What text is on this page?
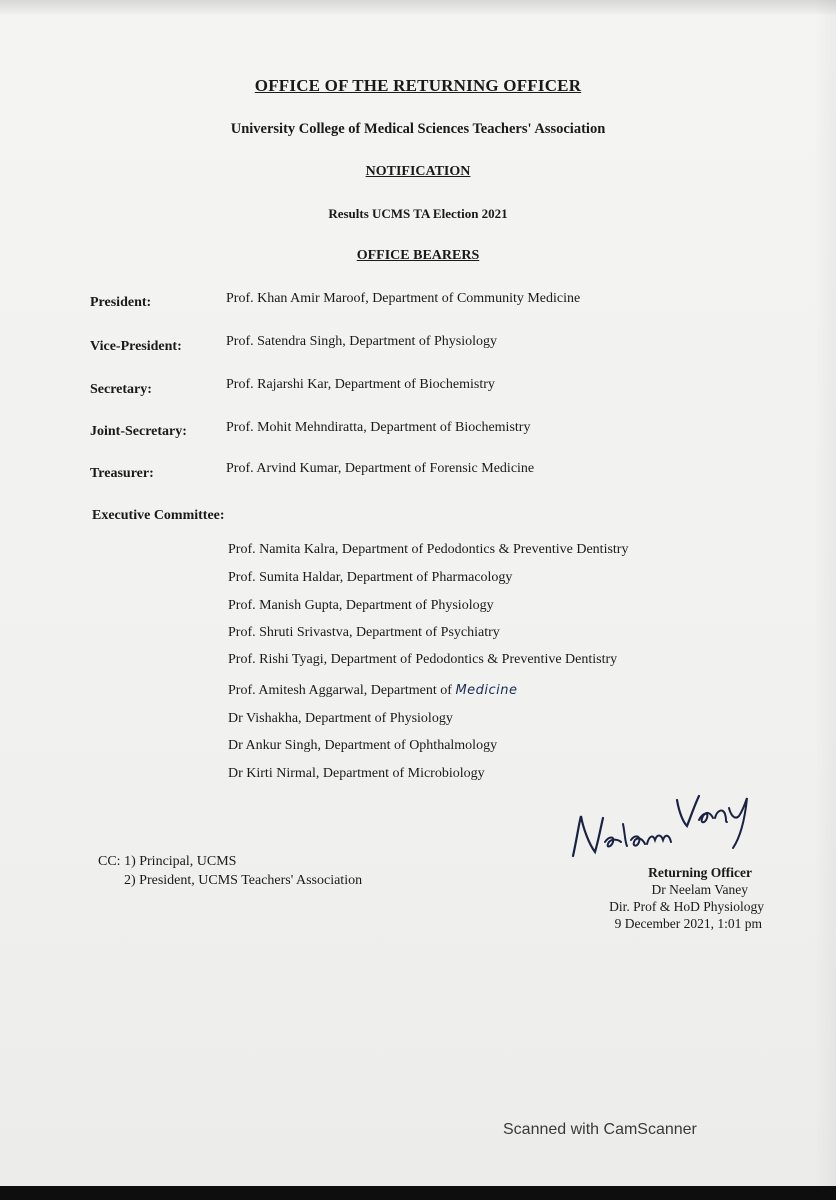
OFFICE OF THE RETURNING OFFICER
University College of Medical Sciences Teachers' Association
NOTIFICATION
Results UCMS TA Election 2021
OFFICE BEARERS
President:	Prof. Khan Amir Maroof, Department of Community Medicine
Vice-President:	Prof. Satendra Singh, Department of Physiology
Secretary:	Prof. Rajarshi Kar, Department of Biochemistry
Joint-Secretary:	Prof. Mohit Mehndiratta, Department of Biochemistry
Treasurer:	Prof. Arvind Kumar, Department of Forensic Medicine
Executive Committee:
Prof. Namita Kalra, Department of Pedodontics & Preventive Dentistry
Prof. Sumita Haldar, Department of Pharmacology
Prof. Manish Gupta, Department of Physiology
Prof. Shruti Srivastva, Department of Psychiatry
Prof. Rishi Tyagi, Department of Pedodontics & Preventive Dentistry
Prof. Amitesh Aggarwal, Department of Medicine
Dr Vishakha, Department of Physiology
Dr Ankur Singh, Department of Ophthalmology
Dr Kirti Nirmal, Department of Microbiology
CC: 1) Principal, UCMS
2) President, UCMS Teachers' Association
Returning Officer
Dr Neelam Vaney
Dir. Prof & HoD Physiology
9 December 2021, 1:01 pm
Scanned with CamScanner
